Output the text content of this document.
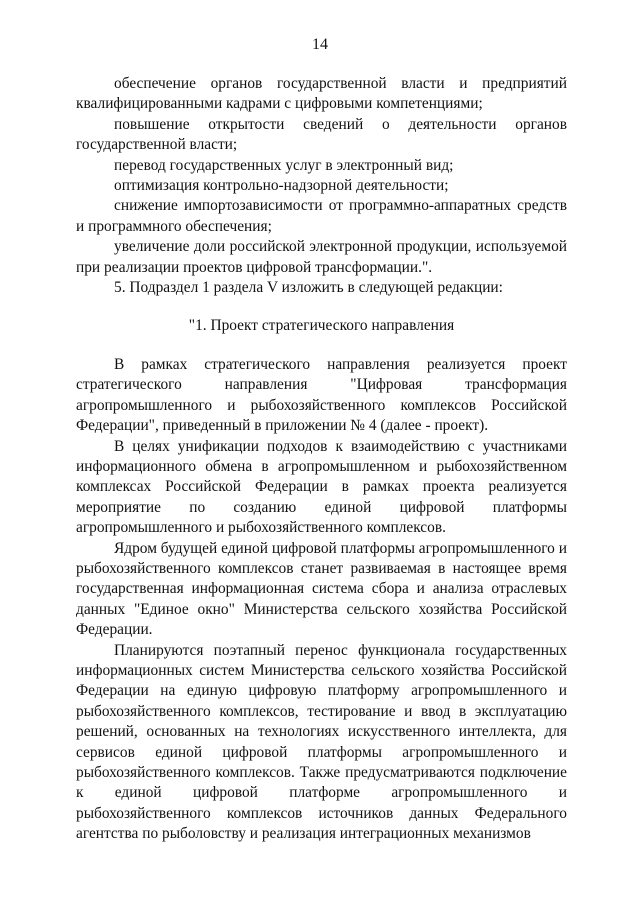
14

обеспечение органов государственной власти и предприятий квалифицированными кадрами с цифровыми компетенциями;

повышение открытости сведений о деятельности органов государственной власти;

перевод государственных услуг в электронный вид;

оптимизация контрольно-надзорной деятельности;

снижение импортозависимости от программно-аппаратных средств и программного обеспечения;

увеличение доли российской электронной продукции, используемой при реализации проектов цифровой трансформации.".

5. Подраздел 1 раздела V изложить в следующей редакции:

"1. Проект стратегического направления

В рамках стратегического направления реализуется проект стратегического направления "Цифровая трансформация агропромышленного и рыбохозяйственного комплексов Российской Федерации", приведенный в приложении № 4 (далее - проект).

В целях унификации подходов к взаимодействию с участниками информационного обмена в агропромышленном и рыбохозяйственном комплексах Российской Федерации в рамках проекта реализуется мероприятие по созданию единой цифровой платформы агропромышленного и рыбохозяйственного комплексов.

Ядром будущей единой цифровой платформы агропромышленного и рыбохозяйственного комплексов станет развиваемая в настоящее время государственная информационная система сбора и анализа отраслевых данных "Единое окно" Министерства сельского хозяйства Российской Федерации.

Планируются поэтапный перенос функционала государственных информационных систем Министерства сельского хозяйства Российской Федерации на единую цифровую платформу агропромышленного и рыбохозяйственного комплексов, тестирование и ввод в эксплуатацию решений, основанных на технологиях искусственного интеллекта, для сервисов единой цифровой платформы агропромышленного и рыбохозяйственного комплексов. Также предусматриваются подключение к единой цифровой платформе агропромышленного и рыбохозяйственного комплексов источников данных Федерального агентства по рыболовству и реализация интеграционных механизмов
